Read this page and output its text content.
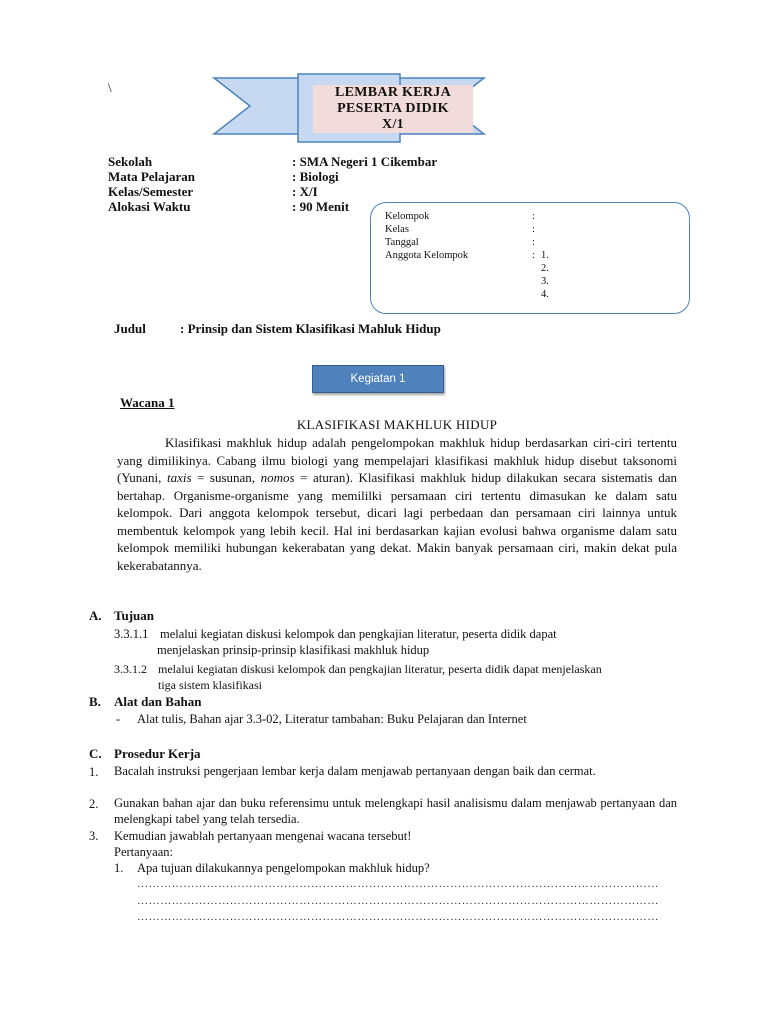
\	LEMBAR KERJA
PESERTA DIDIK
X/1
Sekolah	: SMA Negeri 1 Cikembar
Mata Pelajaran	: Biologi
Kelas/Semester	: X/I
Alokasi Waktu	: 90 Menit
Kelompok	:
Kelas	:
Tanggal	:
Anggota Kelompok	: 1.
2.
3.
4.
Judul	: Prinsip dan Sistem Klasifikasi Mahluk Hidup
Kegiatan 1
Wacana 1
KLASIFIKASI MAKHLUK HIDUP
Klasifikasi makhluk hidup adalah pengelompokan makhluk hidup berdasarkan ciri-ciri tertentu yang dimilikinya. Cabang ilmu biologi yang mempelajari klasifikasi makhluk hidup disebut taksonomi (Yunani, taxis = susunan, nomos = aturan). Klasifikasi makhluk hidup dilakukan secara sistematis dan bertahap. Organisme-organisme yang memililki persamaan ciri tertentu dimasukan ke dalam satu kelompok. Dari anggota kelompok tersebut, dicari lagi perbedaan dan persamaan ciri lainnya untuk membentuk kelompok yang lebih kecil. Hal ini berdasarkan kajian evolusi bahwa organisme dalam satu kelompok memiliki hubungan kekerabatan yang dekat. Makin banyak persamaan ciri, makin dekat pula kekerabatannya.
A. Tujuan
3.3.1.1 melalui kegiatan diskusi kelompok dan pengkajian literatur, peserta didik dapat
menjelaskan prinsip-prinsip klasifikasi makhluk hidup
3.3.1.2 melalui kegiatan diskusi kelompok dan pengkajian literatur, peserta didik dapat menjelaskan
tiga sistem klasifikasi
B. Alat dan Bahan
- Alat tulis, Bahan ajar 3.3-02, Literatur tambahan: Buku Pelajaran dan Internet
C. Prosedur Kerja
1. Bacalah instruksi pengerjaan lembar kerja dalam menjawab pertanyaan dengan baik dan cermat.
2. Gunakan bahan ajar dan buku referensimu untuk melengkapi hasil analisismu dalam menjawab pertanyaan dan melengkapi tabel yang telah tersedia.
3. Kemudian jawablah pertanyaan mengenai wacana tersebut!
Pertanyaan:
1. Apa tujuan dilakukannya pengelompokan makhluk hidup?
………………………………………………………………………………………………………………………
………………………………………………………………………………………………………………………
………………………………………………………………………………………………………………………
